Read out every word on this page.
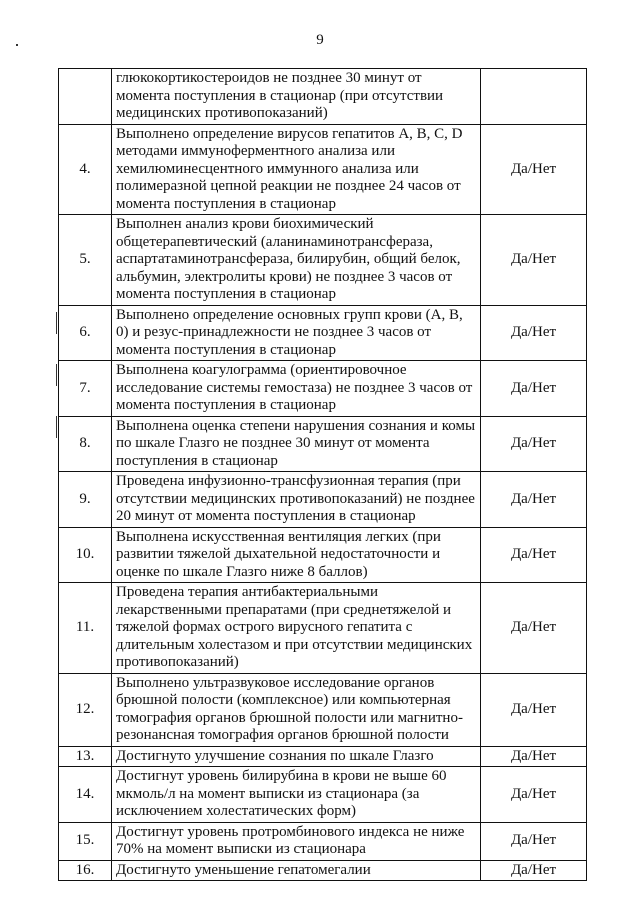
9
	глюкокортикостероидов не позднее 30 минут от момента поступления в стационар (при отсутствии медицинских противопоказаний)	
4.	Выполнено определение вирусов гепатитов A, B, C, D методами иммуноферментного анализа или хемилюминесцентного иммунного анализа или полимеразной цепной реакции не позднее 24 часов от момента поступления в стационар	Да/Нет
5.	Выполнен анализ крови биохимический общетерапевтический (аланинаминотрансфераза, аспартатаминотрансфераза, билирубин, общий белок, альбумин, электролиты крови) не позднее 3 часов от момента поступления в стационар	Да/Нет
6.	Выполнено определение основных групп крови (A, B, 0) и резус-принадлежности не позднее 3 часов от момента поступления в стационар	Да/Нет
7.	Выполнена коагулограмма (ориентировочное исследование системы гемостаза) не позднее 3 часов от момента поступления в стационар	Да/Нет
8.	Выполнена оценка степени нарушения сознания и комы по шкале Глазго не позднее 30 минут от момента поступления в стационар	Да/Нет
9.	Проведена инфузионно-трансфузионная терапия (при отсутствии медицинских противопоказаний) не позднее 20 минут от момента поступления в стационар	Да/Нет
10.	Выполнена искусственная вентиляция легких (при развитии тяжелой дыхательной недостаточности и оценке по шкале Глазго ниже 8 баллов)	Да/Нет
11.	Проведена терапия антибактериальными лекарственными препаратами (при среднетяжелой и тяжелой формах острого вирусного гепатита с длительным холестазом и при отсутствии медицинских противопоказаний)	Да/Нет
12.	Выполнено ультразвуковое исследование органов брюшной полости (комплексное) или компьютерная томография органов брюшной полости или магнитно-резонансная томография органов брюшной полости	Да/Нет
13.	Достигнуто улучшение сознания по шкале Глазго	Да/Нет
14.	Достигнут уровень билирубина в крови не выше 60 мкмоль/л на момент выписки из стационара (за исключением холестатических форм)	Да/Нет
15.	Достигнут уровень протромбинового индекса не ниже 70% на момент выписки из стационара	Да/Нет
16.	Достигнуто уменьшение гепатомегалии	Да/Нет
